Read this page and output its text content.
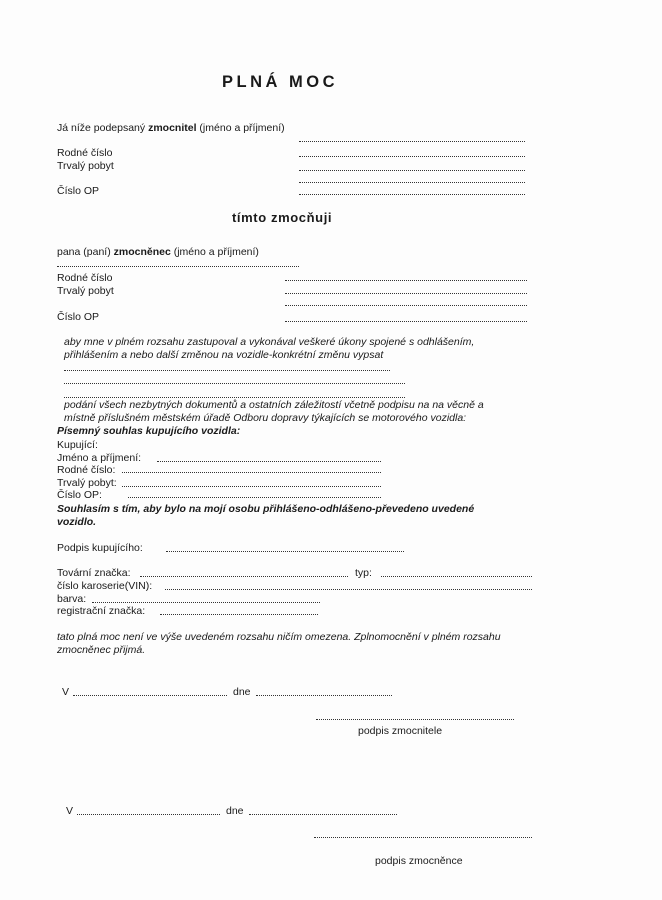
PLNÁ MOC
Já níže podepsaný zmocnitel (jméno a příjmení)
Rodné číslo
Trvalý pobyt
Číslo OP
tímto zmocňuji
pana (paní) zmocněnec (jméno a příjmení)
Rodné číslo
Trvalý pobyt
Číslo OP
aby mne v plném rozsahu zastupoval a vykonával veškeré úkony spojené s odhlášením,
přihlášením a nebo další změnou na vozidle-konkrétní změnu vypsat
podání všech nezbytných dokumentů a ostatních záležitostí včetně podpisu na na věcně a
místně příslušném městském úřadě Odboru dopravy týkajících se motorového vozidla:
Písemný souhlas kupujícího vozidla:
Kupující:
Jméno a příjmení:
Rodné číslo:
Trvalý pobyt:
Číslo OP:
Souhlasím s tím, aby bylo na mojí osobu přihlášeno-odhlášeno-převedeno uvedené
vozidlo.
Podpis kupujícího:
Tovární značka:	typ:
číslo karoserie(VIN):
barva:
registrační značka:
tato plná moc není ve výše uvedeném rozsahu ničím omezena. Zplnomocnění v plném rozsahu
zmocněnec přijmá.
V	dne
podpis zmocnitele
V	dne
podpis zmocněnce
